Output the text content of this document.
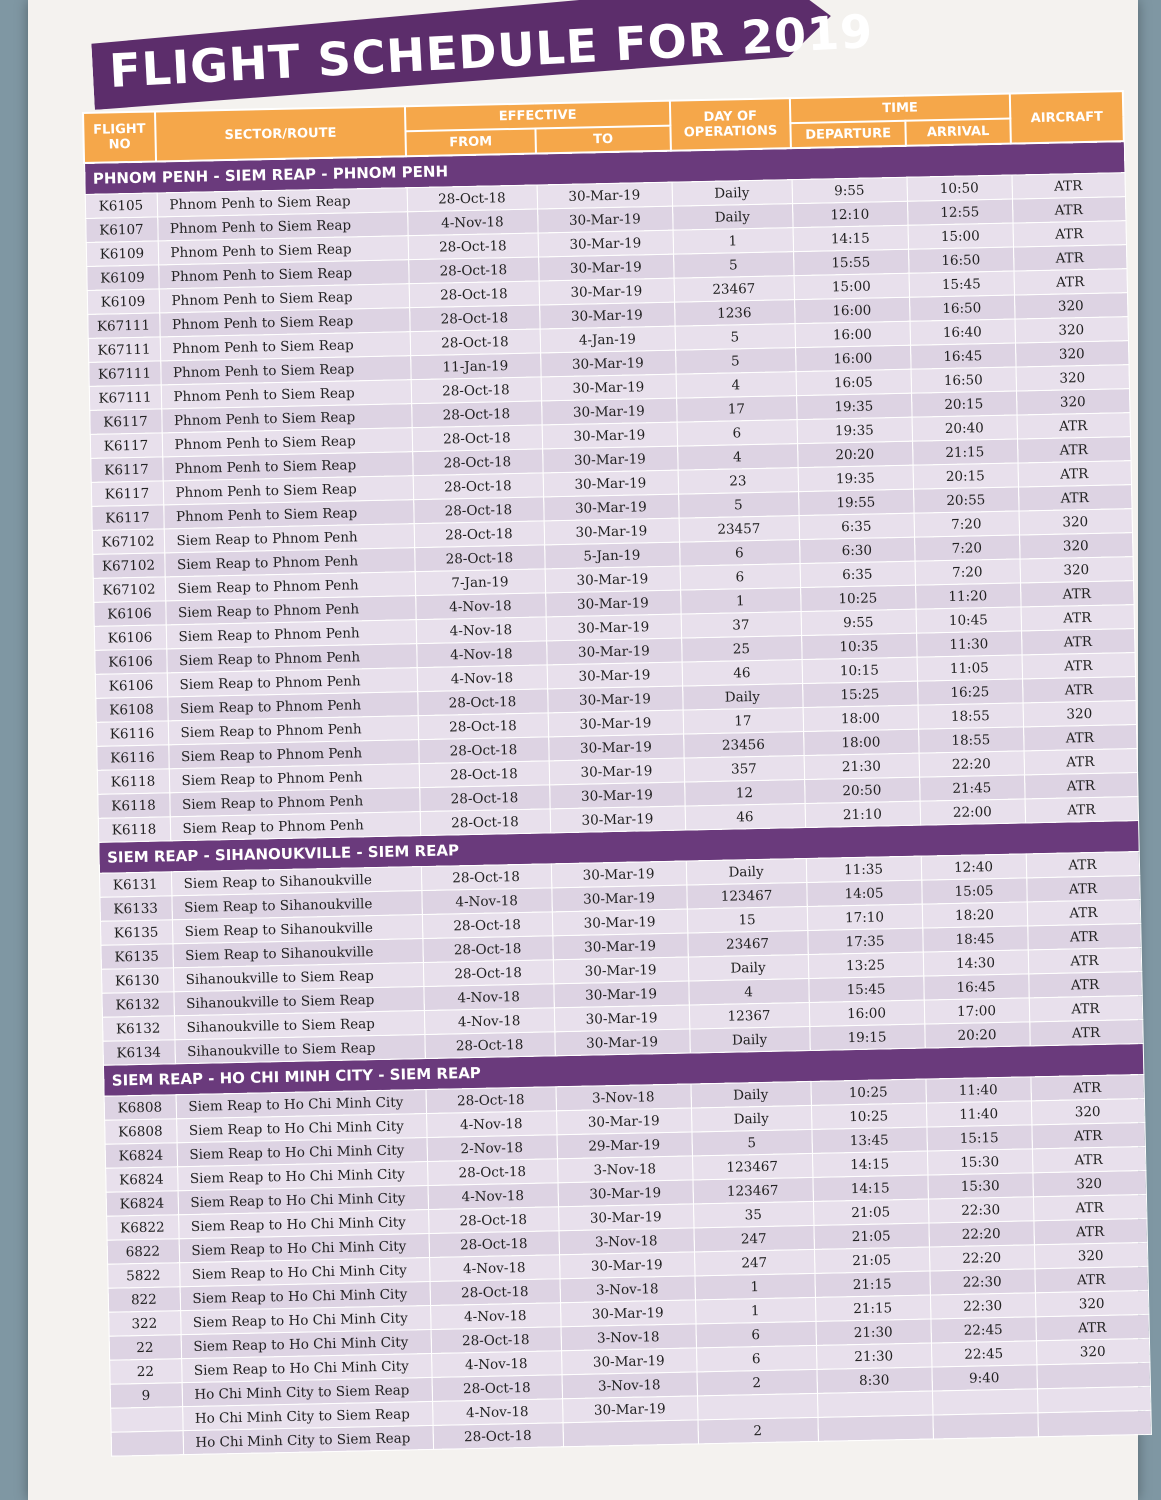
FLIGHT SCHEDULE FOR 2019
FLIGHT NO	SECTOR/ROUTE	EFFECTIVE		DAY OF OPERATIONS	TIME		AIRCRAFT
		FROM	TO		DEPARTURE	ARRIVAL	
PHNOM PENH - SIEM REAP - PHNOM PENH							
K6105	Phnom Penh to Siem Reap	28-Oct-18	30-Mar-19	Daily	9:55	10:50	ATR
K6107	Phnom Penh to Siem Reap	4-Nov-18	30-Mar-19	Daily	12:10	12:55	ATR
K6109	Phnom Penh to Siem Reap	28-Oct-18	30-Mar-19	1	14:15	15:00	ATR
K6109	Phnom Penh to Siem Reap	28-Oct-18	30-Mar-19	5	15:55	16:50	ATR
K6109	Phnom Penh to Siem Reap	28-Oct-18	30-Mar-19	23467	15:00	15:45	ATR
K67111	Phnom Penh to Siem Reap	28-Oct-18	30-Mar-19	1236	16:00	16:50	320
K67111	Phnom Penh to Siem Reap	28-Oct-18	4-Jan-19	5	16:00	16:40	320
K67111	Phnom Penh to Siem Reap	11-Jan-19	30-Mar-19	5	16:00	16:45	320
K67111	Phnom Penh to Siem Reap	28-Oct-18	30-Mar-19	4	16:05	16:50	320
K6117	Phnom Penh to Siem Reap	28-Oct-18	30-Mar-19	17	19:35	20:15	320
K6117	Phnom Penh to Siem Reap	28-Oct-18	30-Mar-19	6	19:35	20:40	ATR
K6117	Phnom Penh to Siem Reap	28-Oct-18	30-Mar-19	4	20:20	21:15	ATR
K6117	Phnom Penh to Siem Reap	28-Oct-18	30-Mar-19	23	19:35	20:15	ATR
K6117	Phnom Penh to Siem Reap	28-Oct-18	30-Mar-19	5	19:55	20:55	ATR
K67102	Siem Reap to Phnom Penh	28-Oct-18	30-Mar-19	23457	6:35	7:20	320
K67102	Siem Reap to Phnom Penh	28-Oct-18	5-Jan-19	6	6:30	7:20	320
K67102	Siem Reap to Phnom Penh	7-Jan-19	30-Mar-19	6	6:35	7:20	320
K6106	Siem Reap to Phnom Penh	4-Nov-18	30-Mar-19	1	10:25	11:20	ATR
K6106	Siem Reap to Phnom Penh	4-Nov-18	30-Mar-19	37	9:55	10:45	ATR
K6106	Siem Reap to Phnom Penh	4-Nov-18	30-Mar-19	25	10:35	11:30	ATR
K6106	Siem Reap to Phnom Penh	4-Nov-18	30-Mar-19	46	10:15	11:05	ATR
K6108	Siem Reap to Phnom Penh	28-Oct-18	30-Mar-19	Daily	15:25	16:25	ATR
K6116	Siem Reap to Phnom Penh	28-Oct-18	30-Mar-19	17	18:00	18:55	320
K6116	Siem Reap to Phnom Penh	28-Oct-18	30-Mar-19	23456	18:00	18:55	ATR
K6118	Siem Reap to Phnom Penh	28-Oct-18	30-Mar-19	357	21:30	22:20	ATR
K6118	Siem Reap to Phnom Penh	28-Oct-18	30-Mar-19	12	20:50	21:45	ATR
K6118	Siem Reap to Phnom Penh	28-Oct-18	30-Mar-19	46	21:10	22:00	ATR
SIEM REAP - SIHANOUKVILLE - SIEM REAP							
K6131	Siem Reap to Sihanoukville	28-Oct-18	30-Mar-19	Daily	11:35	12:40	ATR
K6133	Siem Reap to Sihanoukville	4-Nov-18	30-Mar-19	123467	14:05	15:05	ATR
K6135	Siem Reap to Sihanoukville	28-Oct-18	30-Mar-19	15	17:10	18:20	ATR
K6135	Siem Reap to Sihanoukville	28-Oct-18	30-Mar-19	23467	17:35	18:45	ATR
K6130	Sihanoukville to Siem Reap	28-Oct-18	30-Mar-19	Daily	13:25	14:30	ATR
K6132	Sihanoukville to Siem Reap	4-Nov-18	30-Mar-19	4	15:45	16:45	ATR
K6132	Sihanoukville to Siem Reap	4-Nov-18	30-Mar-19	12367	16:00	17:00	ATR
K6134	Sihanoukville to Siem Reap	28-Oct-18	30-Mar-19	Daily	19:15	20:20	ATR
SIEM REAP - HO CHI MINH CITY - SIEM REAP							
K6808	Siem Reap to Ho Chi Minh City	28-Oct-18	3-Nov-18	Daily	10:25	11:40	ATR
K6808	Siem Reap to Ho Chi Minh City	4-Nov-18	30-Mar-19	Daily	10:25	11:40	320
K6824	Siem Reap to Ho Chi Minh City	2-Nov-18	29-Mar-19	5	13:45	15:15	ATR
K6824	Siem Reap to Ho Chi Minh City	28-Oct-18	3-Nov-18	123467	14:15	15:30	ATR
K6824	Siem Reap to Ho Chi Minh City	4-Nov-18	30-Mar-19	123467	14:15	15:30	320
K6822	Siem Reap to Ho Chi Minh City	28-Oct-18	30-Mar-19	35	21:05	22:30	ATR
6822	Siem Reap to Ho Chi Minh City	28-Oct-18	3-Nov-18	247	21:05	22:20	ATR
5822	Siem Reap to Ho Chi Minh City	4-Nov-18	30-Mar-19	247	21:05	22:20	320
822	Siem Reap to Ho Chi Minh City	28-Oct-18	3-Nov-18	1	21:15	22:30	ATR
322	Siem Reap to Ho Chi Minh City	4-Nov-18	30-Mar-19	1	21:15	22:30	320
22	Siem Reap to Ho Chi Minh City	28-Oct-18	3-Nov-18	6	21:30	22:45	ATR
22	Siem Reap to Ho Chi Minh City	4-Nov-18	30-Mar-19	6	21:30	22:45	320
9	Ho Chi Minh City to Siem Reap	28-Oct-18	3-Nov-18	2	8:30	9:40	
	Ho Chi Minh City to Siem Reap	4-Nov-18	30-Mar-19				
	Ho Chi Minh City to Siem Reap	28-Oct-18		2			
